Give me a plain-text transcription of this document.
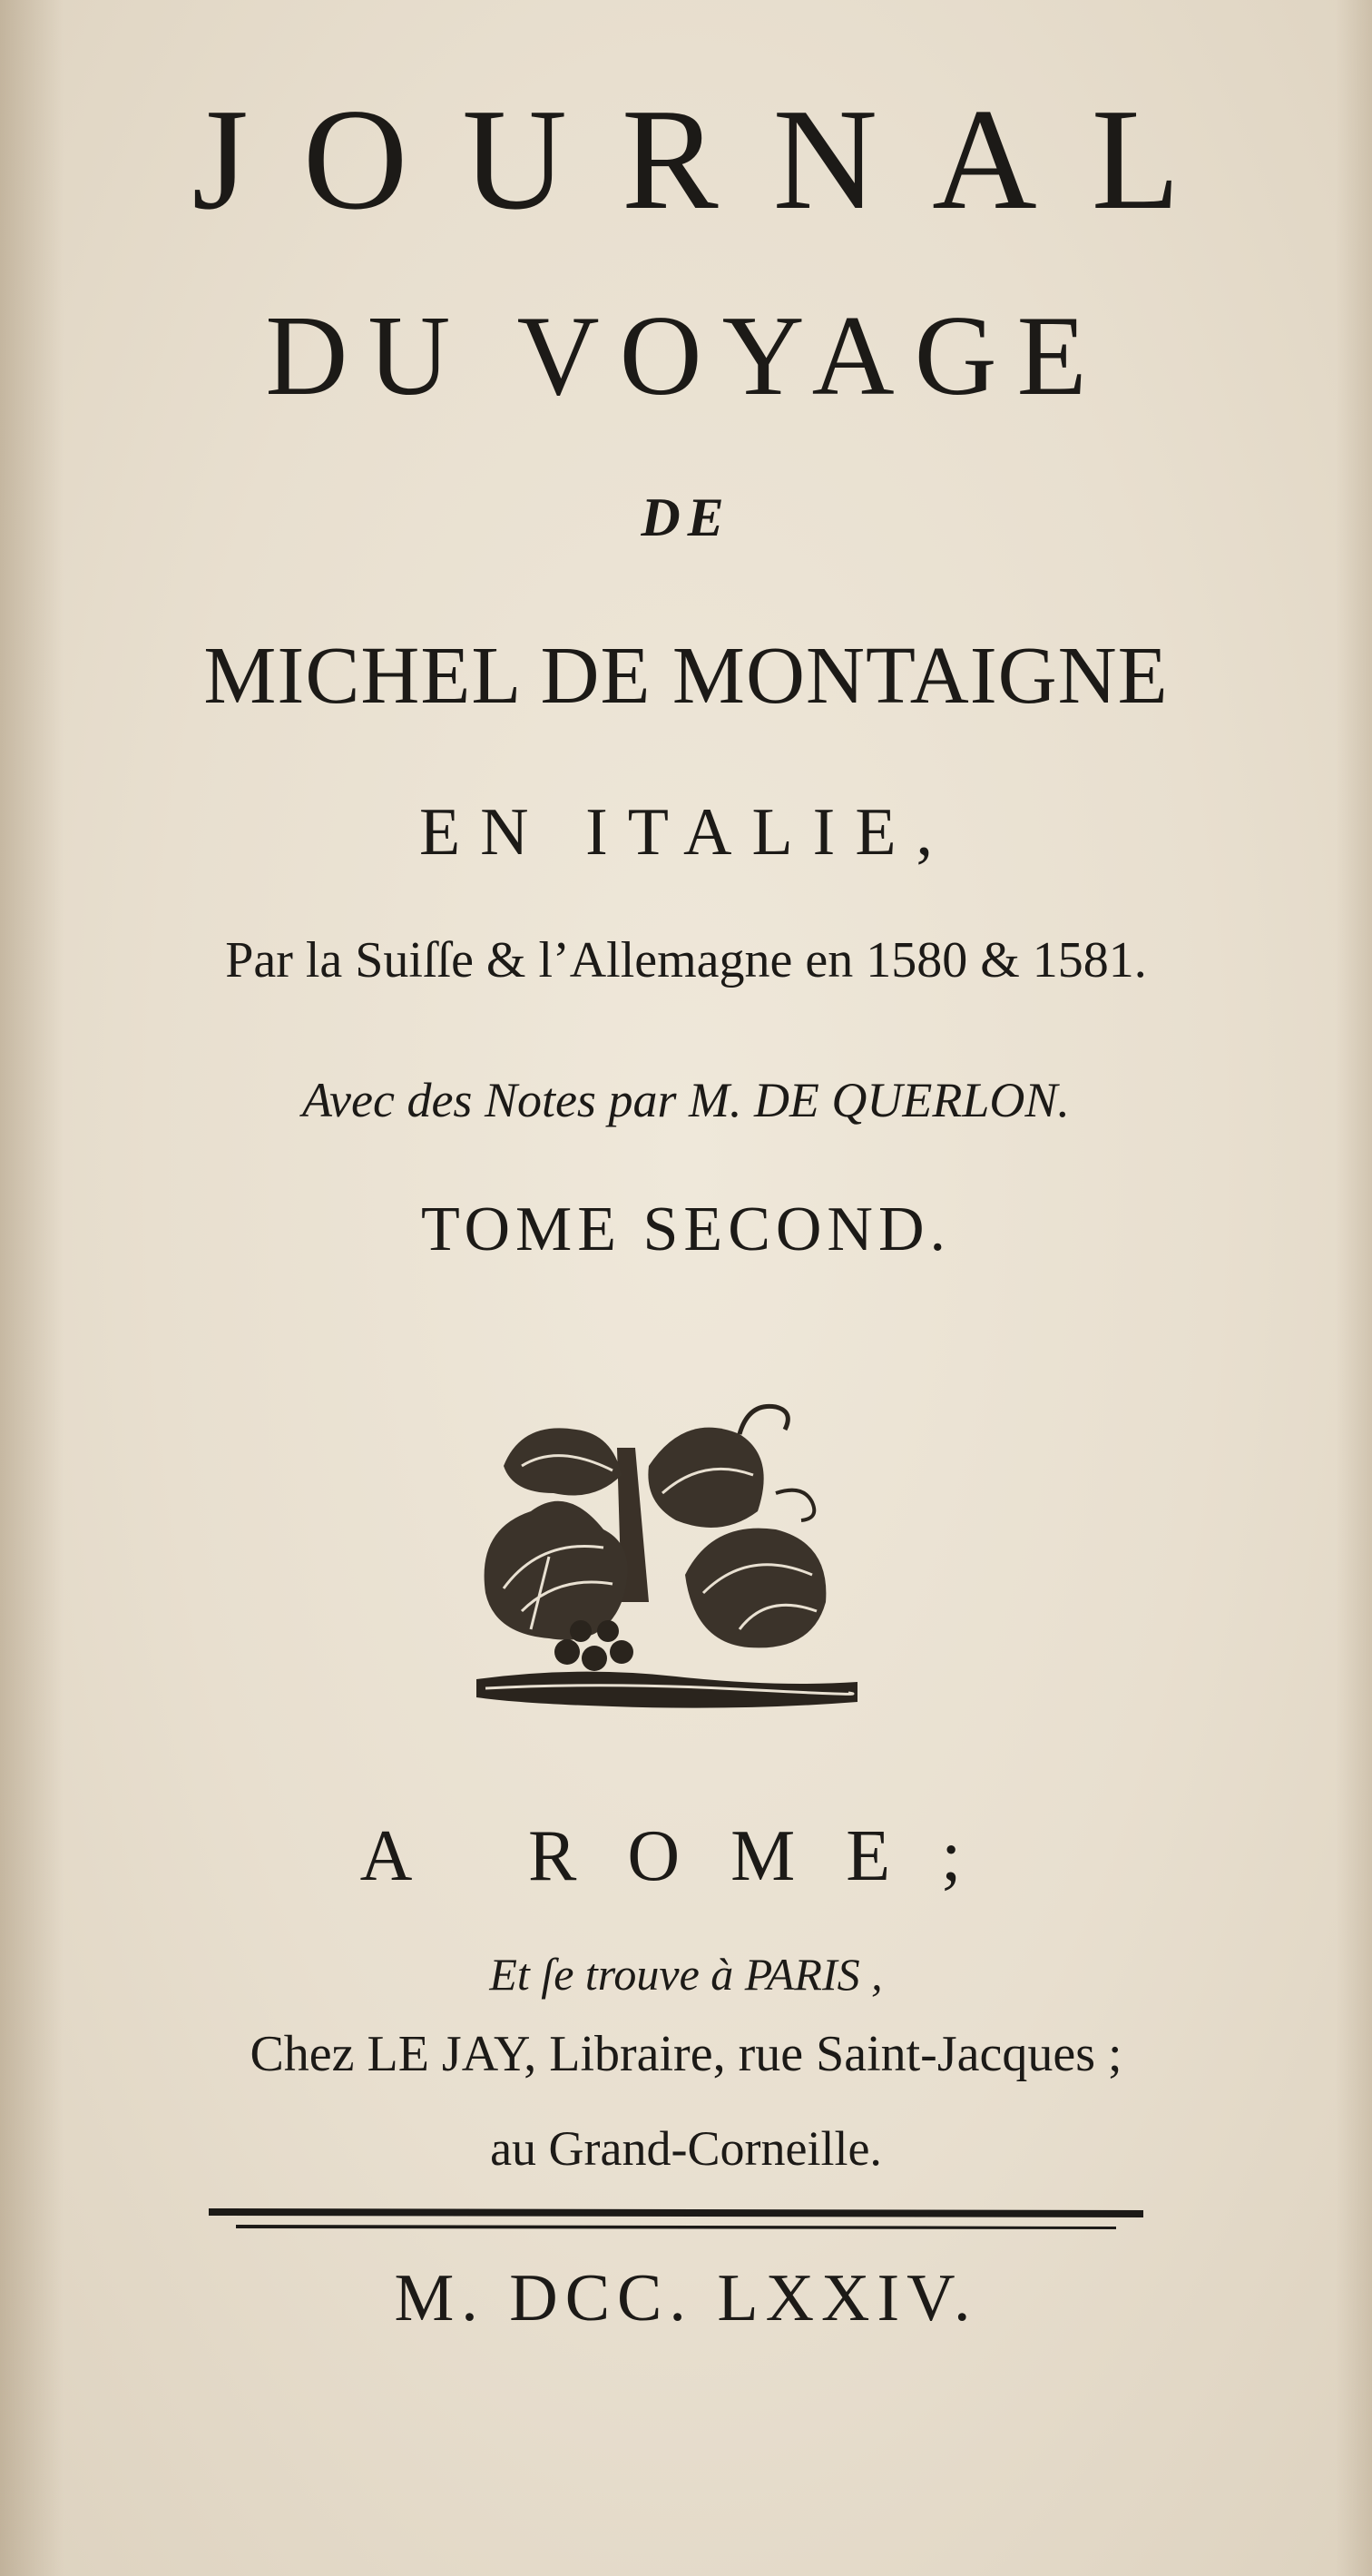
JOURNAL
DU VOYAGE
DE
MICHEL DE MONTAIGNE
EN ITALIE,
Par la Suiſſe & l’Allemagne en 1580 & 1581.
Avec des Notes par M. DE QUERLON.
TOME SECOND.
A ROME;
Et ſe trouve à PARIS ,
Chez LE JAY, Libraire, rue Saint-Jacques ;
au Grand-Corneille.
M. DCC. LXXIV.
